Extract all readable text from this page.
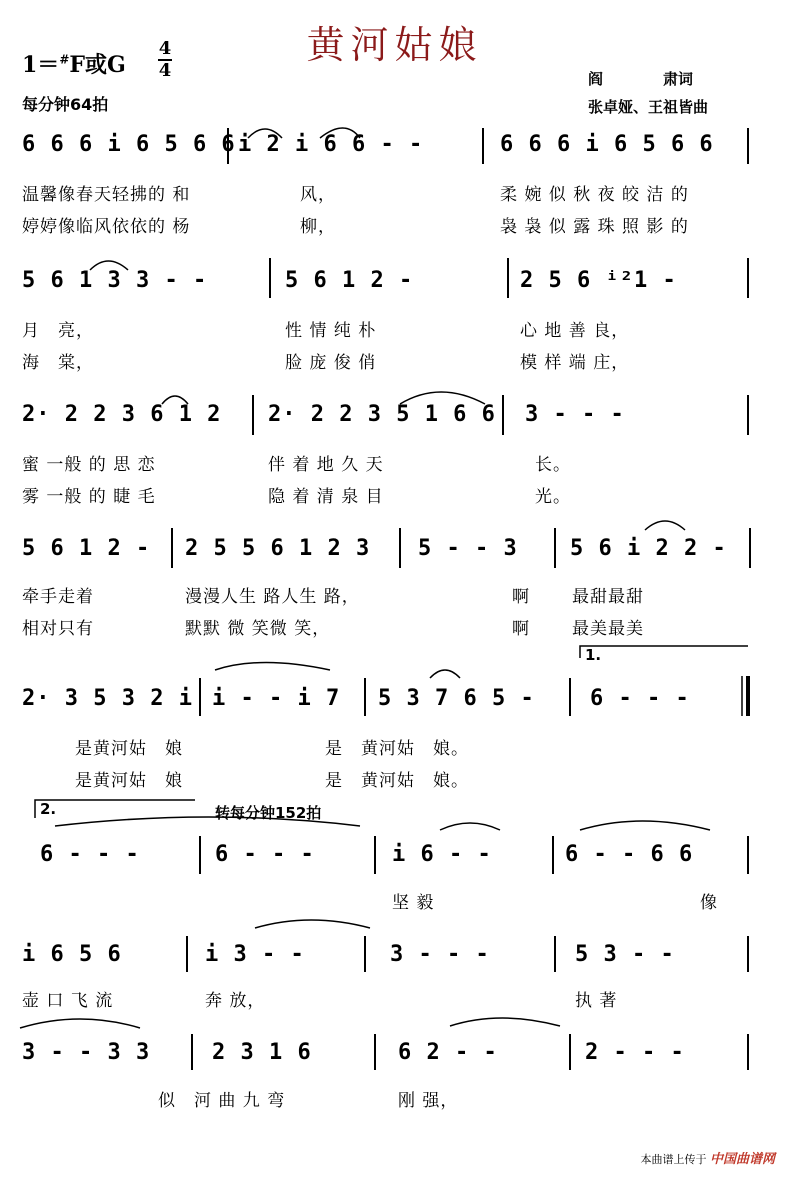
黄河姑娘
1＝#F或G
4
4
每分钟64拍
阎　　　　肃词
张卓娅、王祖皆曲
6 6 6 i 6 5 6 6 i 2 i 6 6 - -	6 6 6 i 6 5 6 6
温馨像春天轻拂的 和	风，	柔 婉 似 秋 夜 皎 洁 的
婷婷像临风依依的 杨	柳，	袅 袅 似 露 珠 照 影 的
5 6 1 3 3 - -	5 6 1 2 -	2 5 6 ⁱ²1 -
月　亮，	性 情 纯 朴	心 地 善 良，
海　棠，	脸 庞 俊 俏	模 样 端 庄，
2· 2 2 3 6 1 2 2· 2 2 3 5 1 6 6 3 - - -
蜜 一般 的 思 恋	伴 着 地 久 天	长。
雾 一般 的 睫 毛	隐 着 清 泉 目	光。
5 6 1 2 - 2 5 5 6 1 2 3 5 - - 3 5 6 i 2 2 -
牵手走着	漫漫人生 路人生 路，	啊 最甜最甜
相对只有	默默 微 笑微 笑，	啊 最美最美
1.
2· 3 5 3 2 i i - - i 7 5 3 7 6 5 -	6 - - -
是黄河姑　娘	是　黄河姑　娘。
是黄河姑　娘	是　黄河姑　娘。
2.	转每分钟152拍
6 - - -	6 - - -	i 6 - -	6 - - 6 6
坚 毅	像
i 6 5 6	i 3 - -	3 - - -	5 3 - -
壶 口 飞 流	奔 放，	执 著
3 - - 3 3	2 3 1 6	6 2 - -	2 - - -
似　河 曲 九 弯	刚 强，
本曲谱上传于 中国曲谱网
